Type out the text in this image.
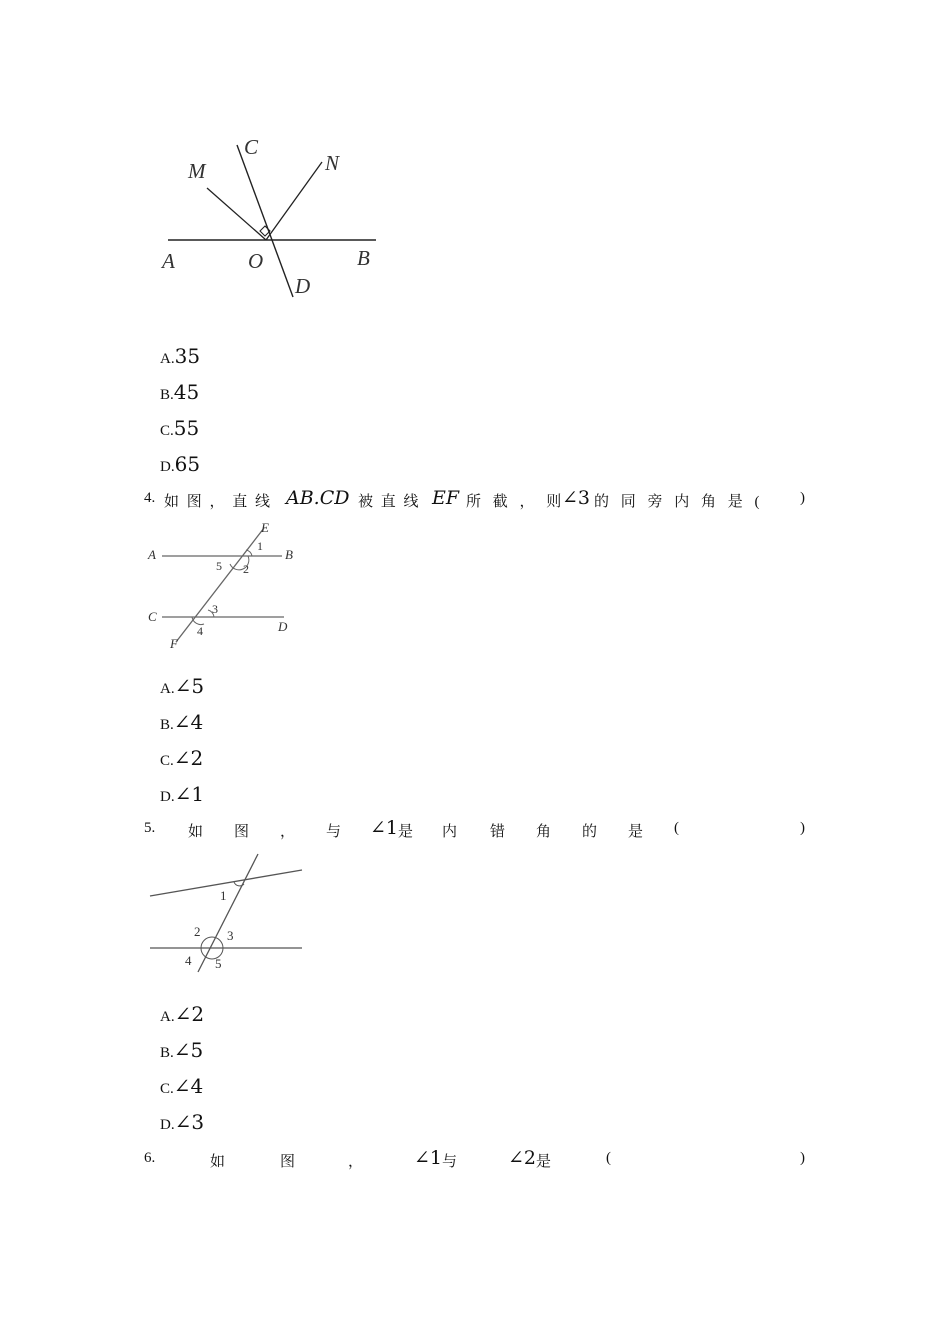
M
C
N
A	O	B
D
A.35
B.45
C.55
D.65
4. 如 图 ， 直 线 AB.CD 被 直 线 EF 所 截 ， 则
∠3 的 同 旁 内 角 是 ( )
E
A	B
C
D
F
1
2
5
3
4
A.∠5
B.∠4
C.∠2
D.∠1
5. 如 图 ， 与 ∠1 是 内 错 角 的 是 (	)
1
2 3
4 5
A.∠2
B.∠5
C.∠4
D.∠3
6.	如	图	，	∠1 与	∠2 是	(	)
